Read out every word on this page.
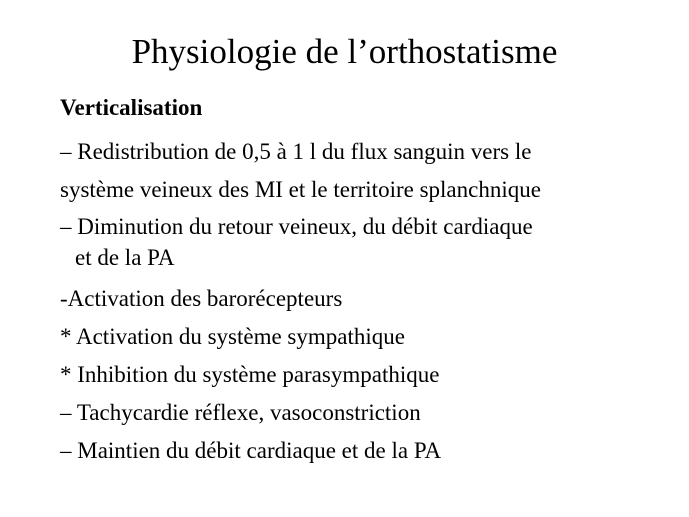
Physiologie de l’orthostatisme
Verticalisation
– Redistribution de 0,5 à 1 l du flux sanguin vers le
système veineux des MI et le territoire splanchnique
– Diminution du retour veineux, du débit cardiaque
et de la PA
-Activation des barorécepteurs
* Activation du système sympathique
* Inhibition du système parasympathique
– Tachycardie réflexe, vasoconstriction
– Maintien du débit cardiaque et de la PA
